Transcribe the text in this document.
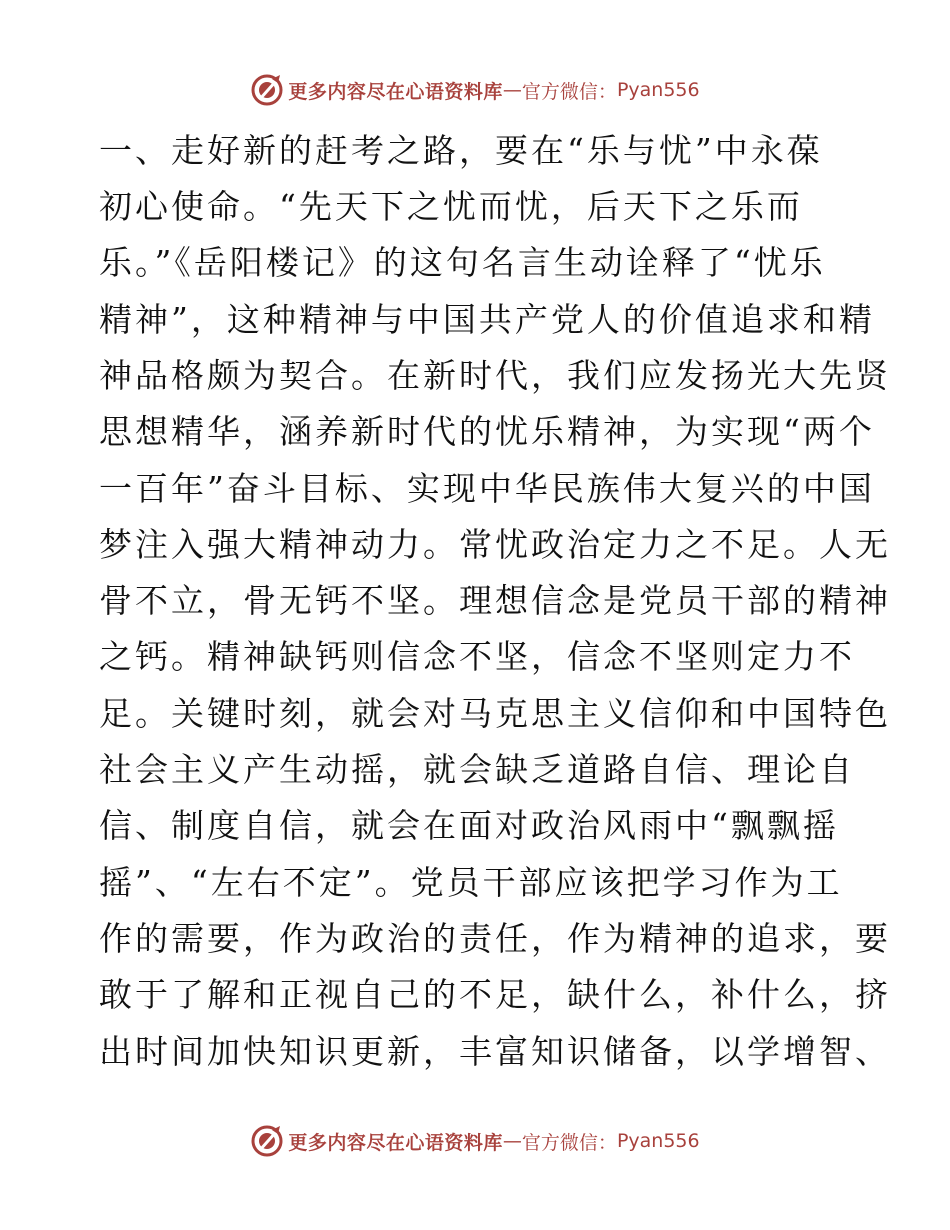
更多内容尽在心语资料库 — 官方微信： Pyan556
一、走好新的赶考之路，要在“乐与忧”中永葆
初心使命。“先天下之忧而忧，后天下之乐而
乐。”《岳阳楼记》的这句名言生动诠释了“忧乐
精神”，这种精神与中国共产党人的价值追求和精
神品格颇为契合。在新时代，我们应发扬光大先贤
思想精华，涵养新时代的忧乐精神，为实现“两个
一百年”奋斗目标、实现中华民族伟大复兴的中国
梦注入强大精神动力。常忧政治定力之不足。人无
骨不立，骨无钙不坚。理想信念是党员干部的精神
之钙。精神缺钙则信念不坚，信念不坚则定力不
足。关键时刻，就会对马克思主义信仰和中国特色
社会主义产生动摇，就会缺乏道路自信、理论自
信、制度自信，就会在面对政治风雨中“飘飘摇
摇”、“左右不定”。党员干部应该把学习作为工
作的需要，作为政治的责任，作为精神的追求，要
敢于了解和正视自己的不足，缺什么，补什么，挤
出时间加快知识更新，丰富知识储备，以学增智、
更多内容尽在心语资料库 — 官方微信： Pyan556
